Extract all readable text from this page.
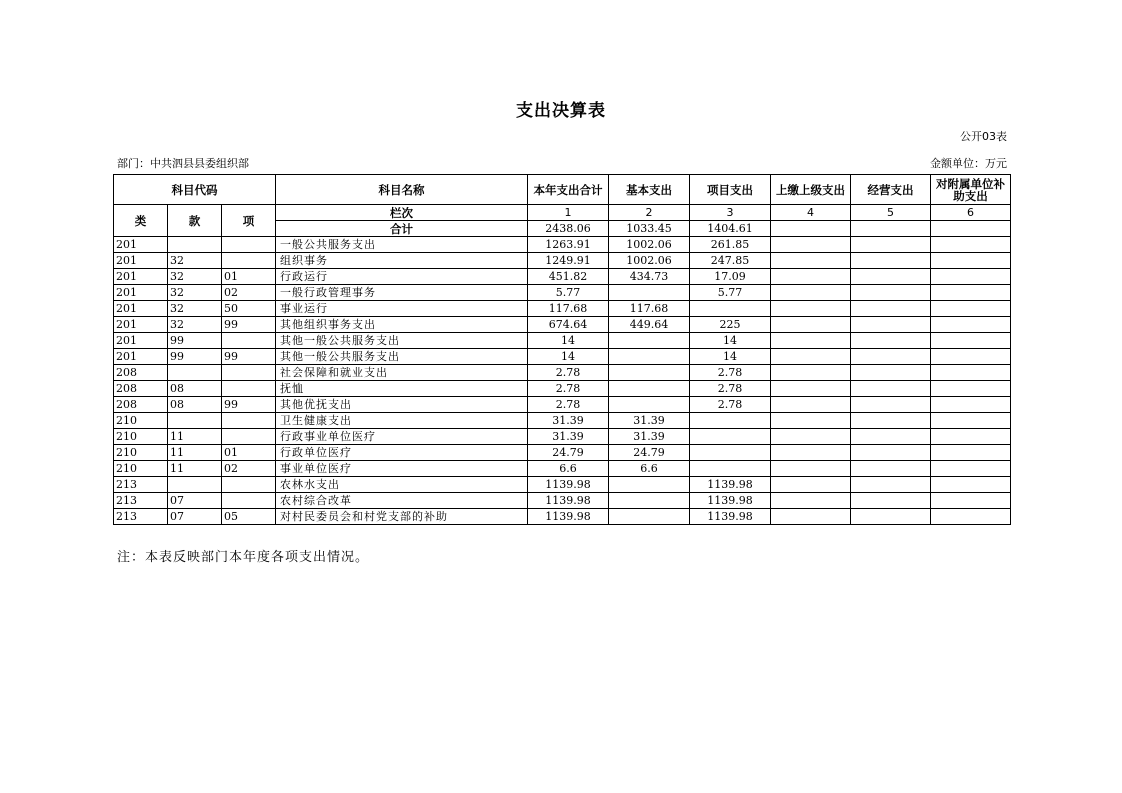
支出决算表
公开03表
部门：中共泗县县委组织部	金额单位：万元
科目代码			科目名称	本年支出合计	基本支出	项目支出	上缴上级支出	经营支出	对附属单位补助支出
类	款	项	栏次	1	2	3	4	5	6
			合计	2438.06	1033.45	1404.61			
201			一般公共服务支出	1263.91	1002.06	261.85			
201	32		组织事务	1249.91	1002.06	247.85			
201	32	01	行政运行	451.82	434.73	17.09			
201	32	02	一般行政管理事务	5.77		5.77			
201	32	50	事业运行	117.68	117.68				
201	32	99	其他组织事务支出	674.64	449.64	225			
201	99		其他一般公共服务支出	14		14			
201	99	99	其他一般公共服务支出	14		14			
208			社会保障和就业支出	2.78		2.78			
208	08		抚恤	2.78		2.78			
208	08	99	其他优抚支出	2.78		2.78			
210			卫生健康支出	31.39	31.39				
210	11		行政事业单位医疗	31.39	31.39				
210	11	01	行政单位医疗	24.79	24.79				
210	11	02	事业单位医疗	6.6	6.6				
213			农林水支出	1139.98		1139.98			
213	07		农村综合改革	1139.98		1139.98			
213	07	05	对村民委员会和村党支部的补助	1139.98		1139.98			
注：本表反映部门本年度各项支出情况。
